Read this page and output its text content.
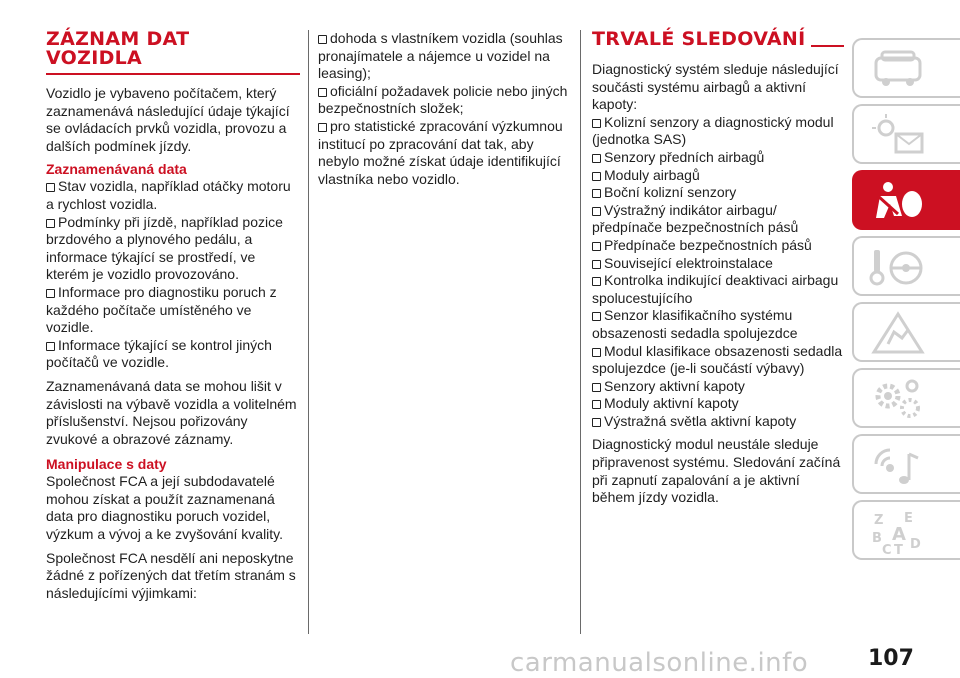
ZÁZNAM DAT
VOZIDLA

Vozidlo je vybaveno počítačem, který zaznamenává následující údaje týkající se ovládacích prvků vozidla, provozu a dalších podmínek jízdy.

Zaznamenávaná data
Stav vozidla, například otáčky motoru a rychlost vozidla.
Podmínky při jízdě, například pozice brzdového a plynového pedálu, a informace týkající se prostředí, ve kterém je vozidlo provozováno.
Informace pro diagnostiku poruch z každého počítače umístěného ve vozidle.
Informace týkající se kontrol jiných počítačů ve vozidle.

Zaznamenávaná data se mohou lišit v závislosti na výbavě vozidla a volitelném příslušenství. Nejsou pořizovány zvukové a obrazové záznamy.

Manipulace s daty

Společnost FCA a její subdodavatelé mohou získat a použít zaznamenaná data pro diagnostiku poruch vozidel, výzkum a vývoj a ke zvyšování kvality.

Společnost FCA nesdělí ani neposkytne žádné z pořízených dat třetím stranám s následujícími výjimkami:

dohoda s vlastníkem vozidla (souhlas pronajímatele a nájemce u vozidel na leasing);
oficiální požadavek policie nebo jiných bezpečnostních složek;
pro statistické zpracování výzkumnou institucí po zpracování dat tak, aby nebylo možné získat údaje identifikující vlastníka nebo vozidlo.
TRVALÉ SLEDOVÁNÍ

Diagnostický systém sleduje následující součásti systému airbagů a aktivní kapoty:

Kolizní senzory a diagnostický modul (jednotka SAS)
Senzory předních airbagů
Moduly airbagů
Boční kolizní senzory
Výstražný indikátor airbagu/ předpínače bezpečnostních pásů
Předpínače bezpečnostních pásů
Související elektroinstalace
Kontrolka indikující deaktivaci airbagu spolucestujícího
Senzor klasifikačního systému obsazenosti sedadla spolujezdce
Modul klasifikace obsazenosti sedadla spolujezdce (je-li součástí výbavy)
Senzory aktivní kapoty
Moduly aktivní kapoty
Výstražná světla aktivní kapoty

Diagnostický modul neustále sleduje připravenost systému. Sledování začíná při zapnutí zapalování a je aktivní během jízdy vozidla.

Z E
B A
C T D
carmanualsonline.info	107
